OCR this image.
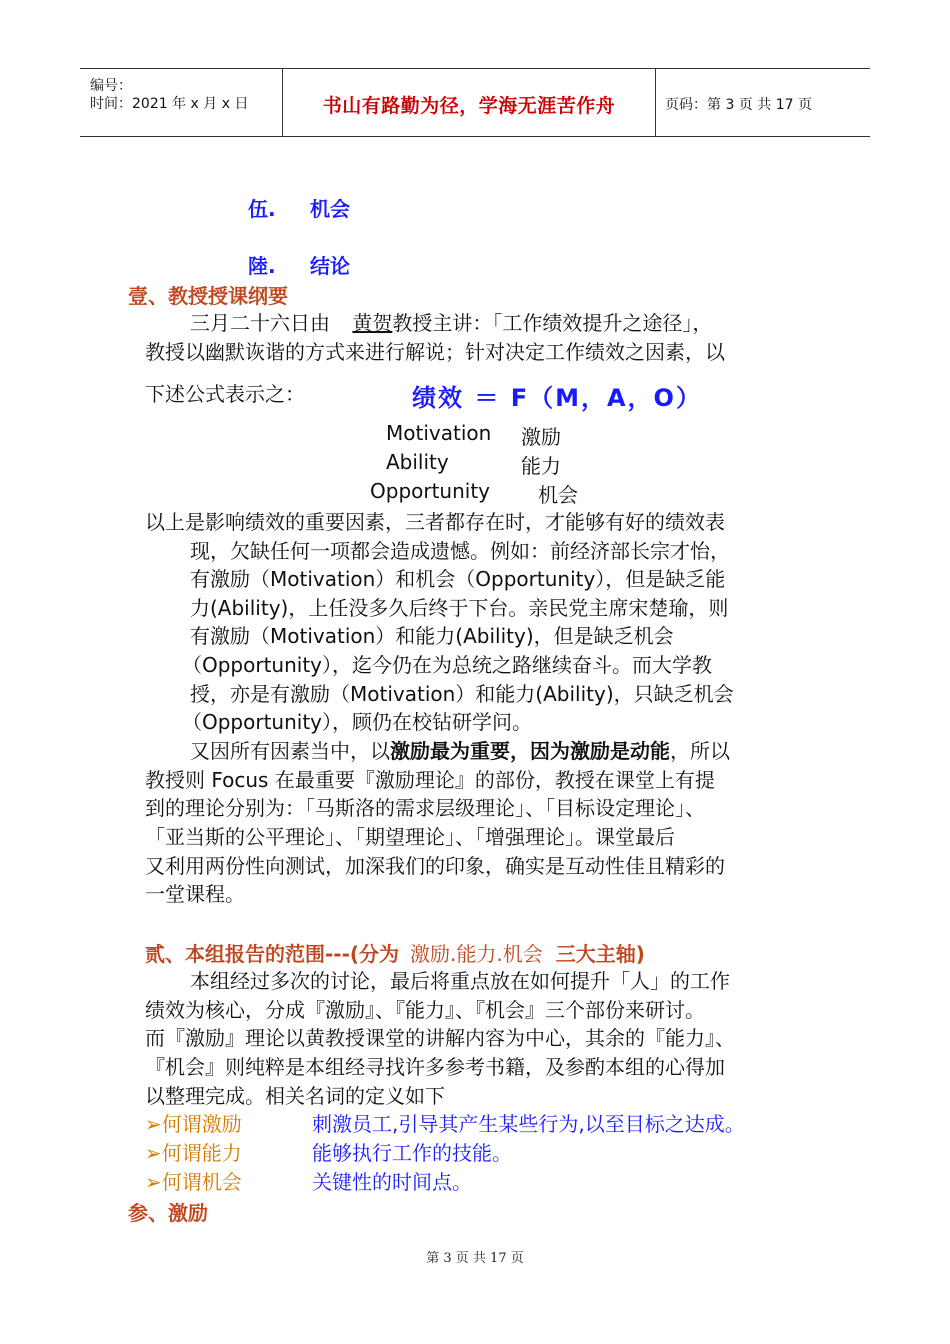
编号：
时间：2021 年 x 月 x 日	书山有路勤为径，学海无涯苦作舟	页码：第 3 页 共 17 页
伍. 机会
陸. 结论
壹、教授授课纲要
三月二十六日由 黄贺教授主讲：「工作绩效提升之途径」，
教授以幽默诙谐的方式来进行解说；针对决定工作绩效之因素，以
下述公式表示之：	绩效 ＝ F（M，A，O）
Motivation 激励
Ability	能力
Opportunity 机会
以上是影响绩效的重要因素，三者都存在时，才能够有好的绩效表
现，欠缺任何一项都会造成遗憾。例如：前经济部长宗才怡，
有激励（Motivation）和机会（Opportunity），但是缺乏能
力(Ability)，上任没多久后终于下台。亲民党主席宋楚瑜，则
有激励（Motivation）和能力(Ability)，但是缺乏机会
（Opportunity），迄今仍在为总统之路继续奋斗。而大学教
授，亦是有激励（Motivation）和能力(Ability)，只缺乏机会
（Opportunity），顾仍在校钻研学问。
又因所有因素当中，以激励最为重要，因为激励是动能，所以
教授则 Focus 在最重要『激励理论』的部份，教授在课堂上有提
到的理论分别为：「马斯洛的需求层级理论」、「目标设定理论」、
「亚当斯的公平理论」、「期望理论」、「增强理论」。课堂最后
又利用两份性向测试，加深我们的印象，确实是互动性佳且精彩的
一堂课程。
贰、本组报告的范围---(分为 激励.能力.机会 三大主轴)
本组经过多次的讨论，最后将重点放在如何提升「人」的工作
绩效为核心，分成『激励』、『能力』、『机会』三个部份来研讨。
而『激励』理论以黄教授课堂的讲解内容为中心，其余的『能力』、
『机会』则纯粹是本组经寻找许多参考书籍，及参酌本组的心得加
以整理完成。相关名词的定义如下
➢何谓激励	刺激员工,引导其产生某些行为,以至目标之达成。
➢何谓能力	能够执行工作的技能。
➢何谓机会	关键性的时间点。
参、激励
第 3 页 共 17 页
